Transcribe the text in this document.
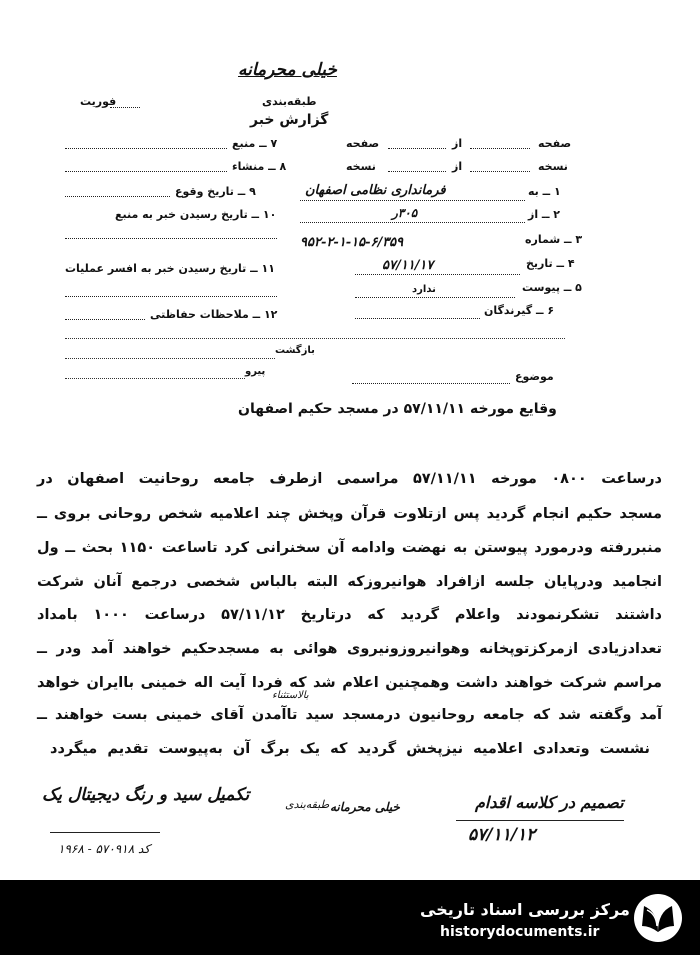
خیلی محرمانه
طبقه‌بندی
فوریت
گزارش خبر
صفحه
از
صفحه
نسخه
از
نسخه
۱ ــ به
فرمانداری نظامی اصفهان
۲ ــ از
۳۰۵ر
۳ ــ شماره
۹۵۲-۲-۱-۱۵-۶/۳۵۹
۴ ــ تاریخ
۵۷/۱۱/۱۷
۵ ــ پیوست
ندارد
۶ ــ گیرندگان
۷ ــ منبع
۸ ــ منشاء
۹ ــ تاریخ وقوع
۱۰ ــ تاریخ رسیدن خبر به منبع
۱۱ ــ تاریخ رسیدن خبر به افسر عملیات
۱۲ ــ ملاحظات حفاظتی
بازگشت
پیرو	موضوع
وقایع مورخه ۵۷/۱۱/۱۱ در مسجد حکیم اصفهان
درساعت ۰۸۰۰ مورخه ۵۷/۱۱/۱۱ مراسمی ازطرف جامعه روحانیت اصفهان در
مسجد حکیم انجام گردید پس ازتلاوت قرآن وپخش چند اعلامیه شخص روحانی بروی ــ
منبررفته ودرمورد پیوستن به نهضت وادامه آن سخنرانی کرد تاساعت ۱۱۵۰ بحث ــ ول
انجامید ودرپایان جلسه ازافراد هوانیروزکه البته بالباس شخصی درجمع آنان شرکت
داشتند تشکرنمودند واعلام گردید که درتاریخ ۵۷/۱۱/۱۲ درساعت ۱۰۰۰ بامداد
تعدادزیادی ازمرکزتوپخانه وهوانیروزونیروی هوائی به مسجدحکیم خواهند آمد ودر ــ
مراسم شرکت خواهند داشت وهمچنین اعلام شد که فردا آیت اله خمینی باایران خواهد
آمد وگفته شد که جامعه روحانیون درمسجد سید تاآمدن آقای خمینی بست خواهند ــ
نشست وتعدادی اعلامیه نیزپخش گردید که یک برگ آن به‌پیوست تقدیم میگردد
بالاستثناء
تکمیل سید و رنگ دیجیتال یک
کد ۵۷۰۹۱۸ - ۱۹۶۸
خیلی محرمانه
طبقه‌بندی	تصمیم در کلاسه اقدام
۵۷/۱۱/۱۲
مرکز بررسی اسناد تاریخی
historydocuments.ir
